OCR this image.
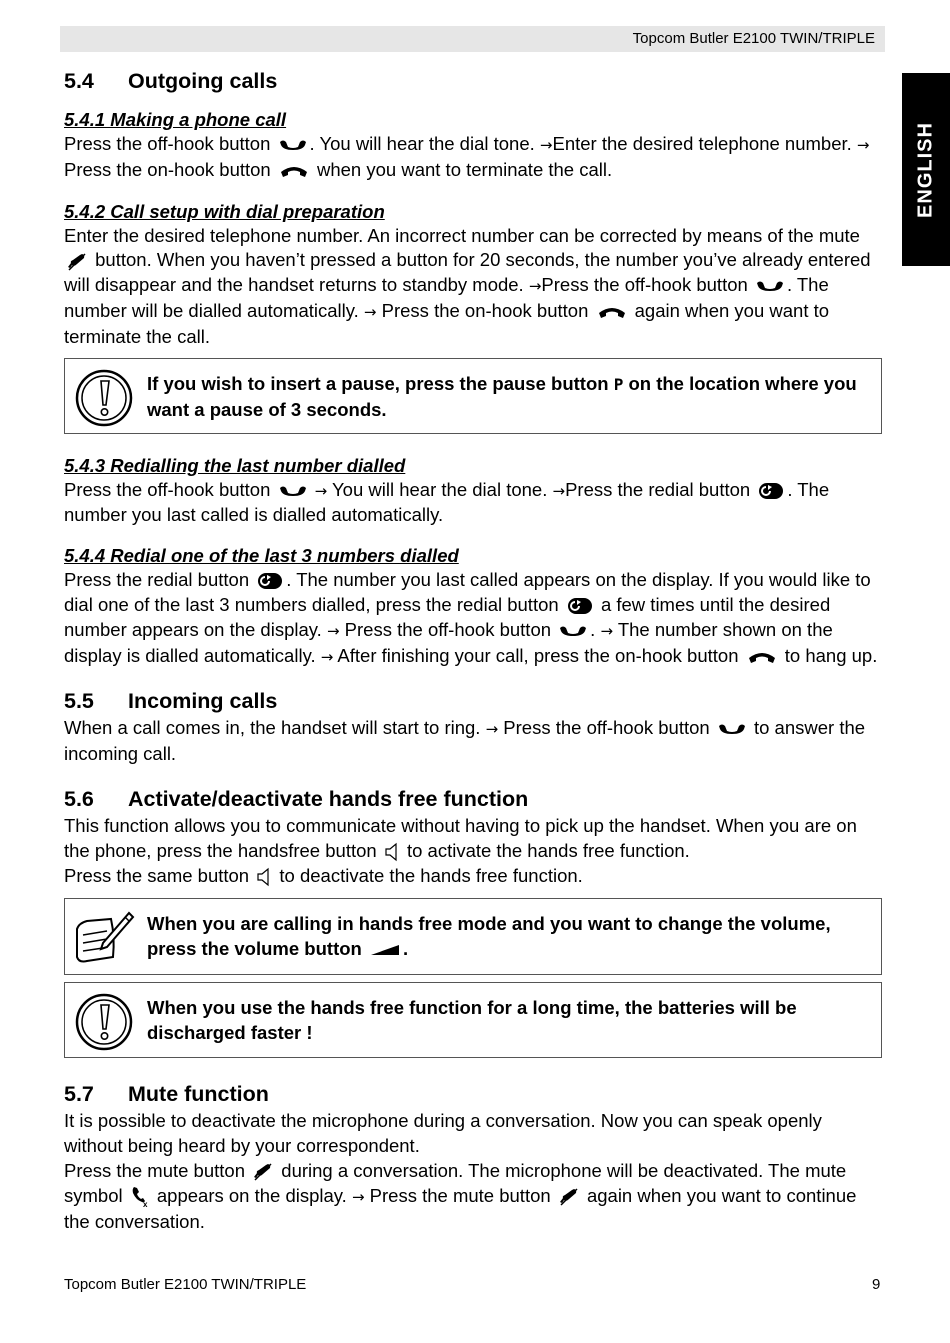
Topcom Butler E2100 TWIN/TRIPLE
ENGLISH
5.4 Outgoing calls
5.4.1 Making a phone call

Press the off-hook button . You will hear the dial tone. →Enter the desired telephone number. → Press the on-hook button  when you want to terminate the call.

5.4.2 Call setup with dial preparation

Enter the desired telephone number. An incorrect number can be corrected by means of the mute  button. When you haven’t pressed a button for 20 seconds, the number you’ve already entered will disappear and the handset returns to standby mode. →Press the off-hook button . The number will be dialled automatically. → Press the on-hook button  again when you want to terminate the call.

If you wish to insert a pause, press the pause button P on the location where you want a pause of 3 seconds.
5.4.3 Redialling the last number dialled

Press the off-hook button	→ You will hear the dial tone. →Press the redial button . The number you last called is dialled automatically.

5.4.4 Redial one of the last 3 numbers dialled

Press the redial button . The number you last called appears on the display. If you would like to dial one of the last 3 numbers dialled, press the redial button  a few times until the desired number appears on the display. → Press the off-hook button . → The number shown on the display is dialled automatically. → After finishing your call, press the on-hook button  to hang up.

5.5 Incoming calls

When a call comes in, the handset will start to ring. → Press the off-hook button  to answer the incoming call.

5.6 Activate/deactivate hands free function

This function allows you to communicate without having to pick up the handset. When you are on the phone, press the handsfree button  to activate the hands free function.
Press the same button  to deactivate the hands free function.

When you are calling in hands free mode and you want to change the volume, press the volume button .
When you use the hands free function for a long time, the batteries will be discharged faster !
5.7 Mute function

It is possible to deactivate the microphone during a conversation. Now you can speak openly without being heard by your correspondent.
Press the mute button  during a conversation. The microphone will be deactivated. The mute symbol  appears on the display. → Press the mute button  again when you want to continue the conversation.

Topcom Butler E2100 TWIN/TRIPLE	9
